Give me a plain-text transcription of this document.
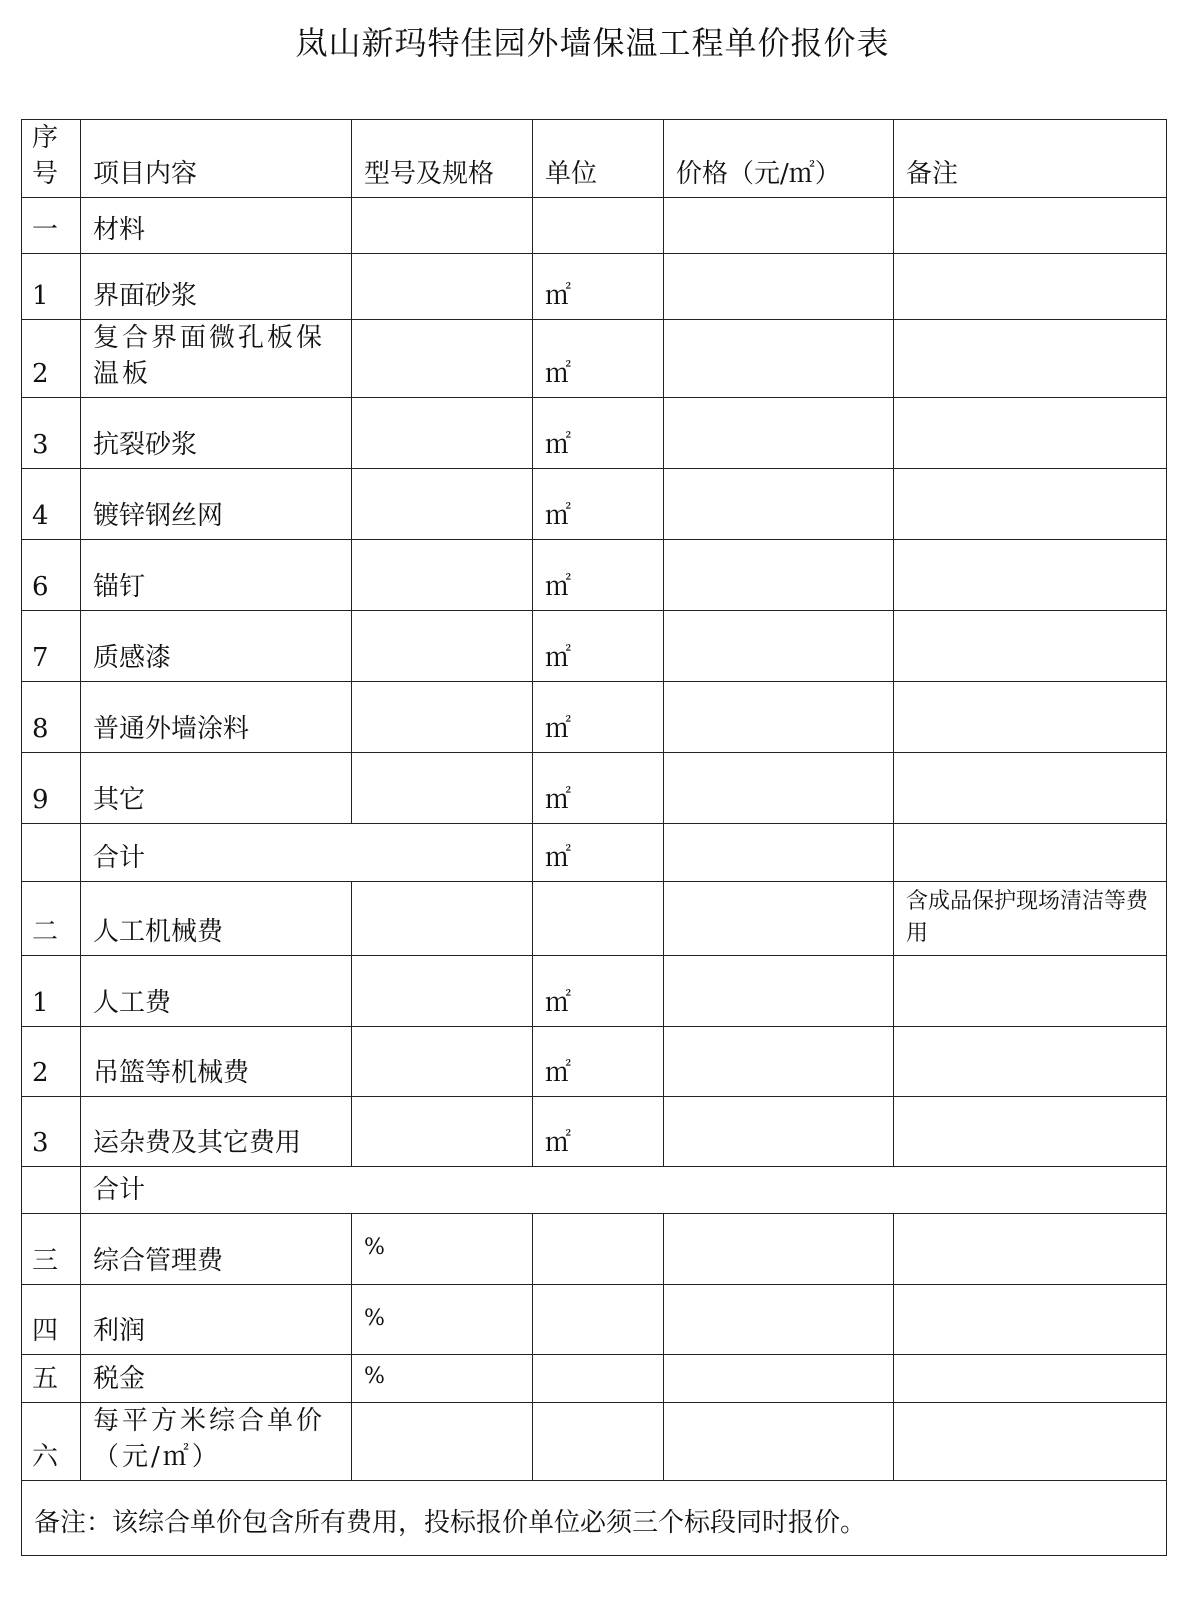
岚山新玛特佳园外墙保温工程单价报价表
序号	项目内容	型号及规格	单位	价格（元/㎡）	备注
一	材料				
1	界面砂浆		㎡		
2	复合界面微孔板保温板		㎡		
3	抗裂砂浆		㎡		
4	镀锌钢丝网		㎡		
6	锚钉		㎡		
7	质感漆		㎡		
8	普通外墙涂料		㎡		
9	其它		㎡		
	合计		㎡		
二	人工机械费				含成品保护现场清洁等费用
1	人工费		㎡		
2	吊篮等机械费		㎡		
3	运杂费及其它费用		㎡		
	合计				
三	综合管理费	%			
四	利润	%			
五	税金	%			
六	每平方米综合单价（元/㎡）				
备注：该综合单价包含所有费用，投标报价单位必须三个标段同时报价。					
